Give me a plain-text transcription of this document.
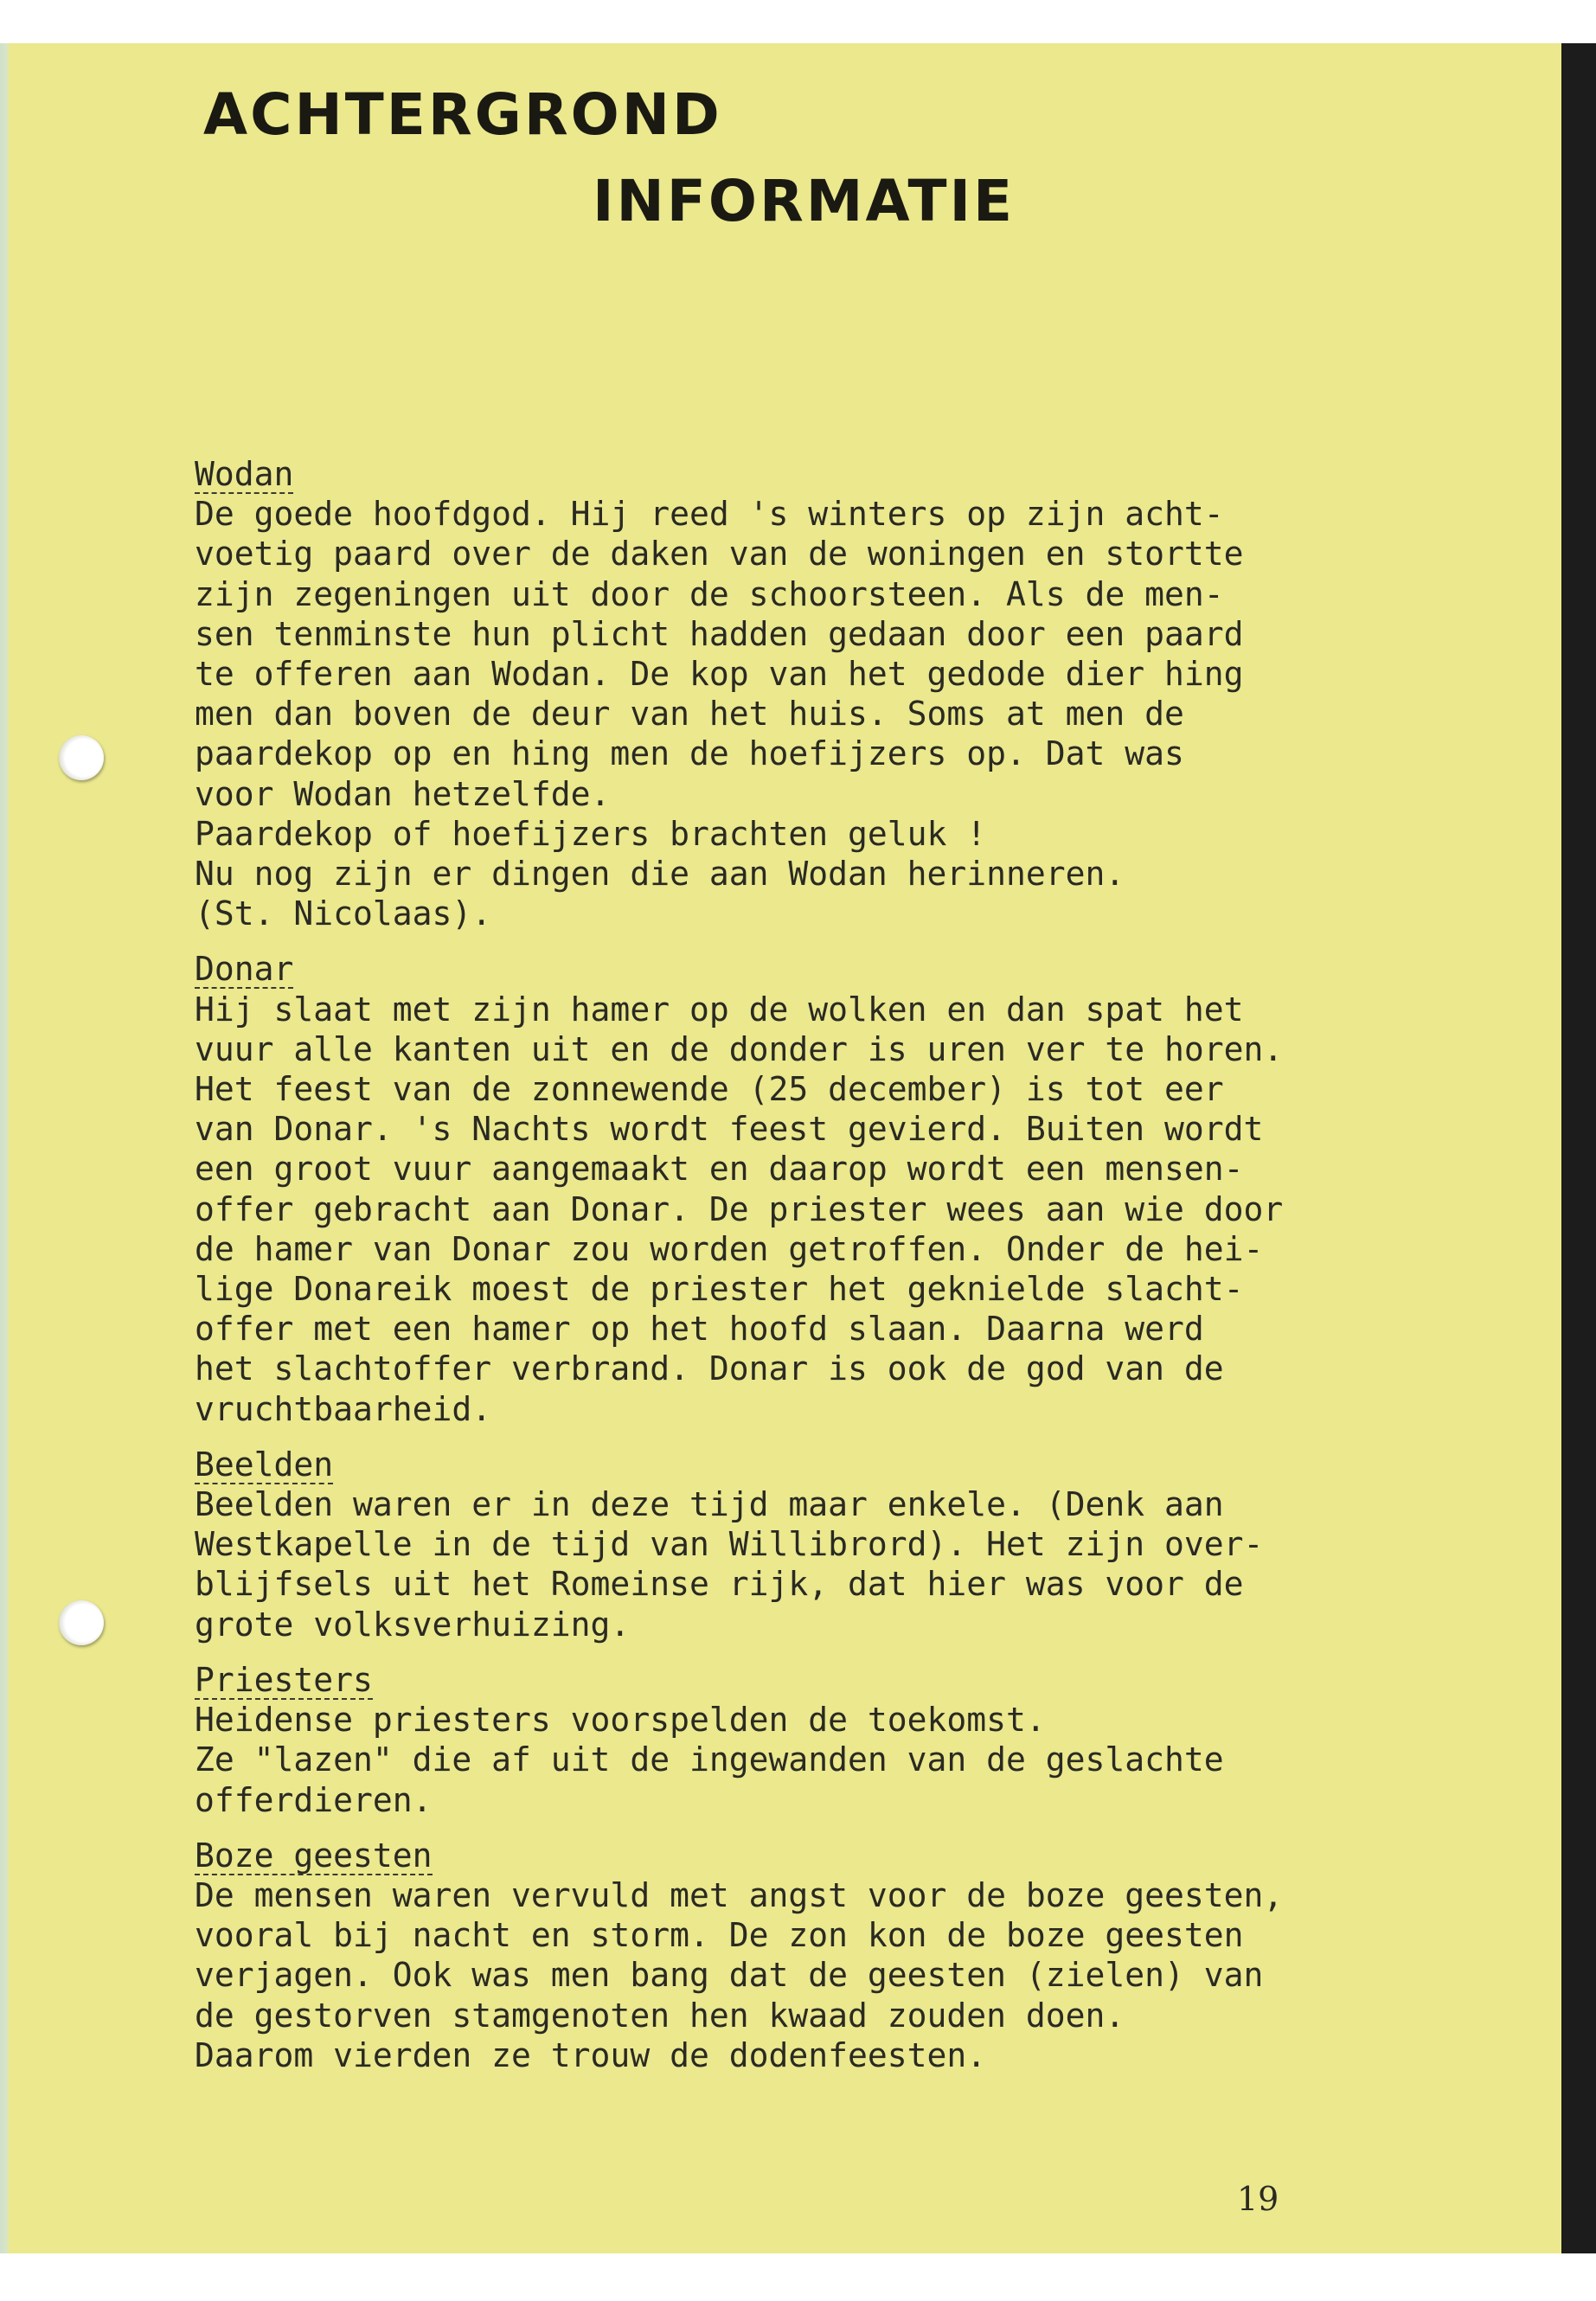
ACHTERGROND
INFORMATIE
Wodan

De goede hoofdgod. Hij reed 's winters op zijn acht-
voetig paard over de daken van de woningen en stortte
zijn zegeningen uit door de schoorsteen. Als de men-
sen tenminste hun plicht hadden gedaan door een paard
te offeren aan Wodan. De kop van het gedode dier hing
men dan boven de deur van het huis. Soms at men de
paardekop op en hing men de hoefijzers op. Dat was
voor Wodan hetzelfde.
Paardekop of hoefijzers brachten geluk !
Nu nog zijn er dingen die aan Wodan herinneren.
(St. Nicolaas).

Donar

Hij slaat met zijn hamer op de wolken en dan spat het
vuur alle kanten uit en de donder is uren ver te horen.
Het feest van de zonnewende (25 december) is tot eer
van Donar. 's Nachts wordt feest gevierd. Buiten wordt
een groot vuur aangemaakt en daarop wordt een mensen-
offer gebracht aan Donar. De priester wees aan wie door
de hamer van Donar zou worden getroffen. Onder de hei-
lige Donareik moest de priester het geknielde slacht-
offer met een hamer op het hoofd slaan. Daarna werd
het slachtoffer verbrand. Donar is ook de god van de
vruchtbaarheid.

Beelden

Beelden waren er in deze tijd maar enkele. (Denk aan
Westkapelle in de tijd van Willibrord). Het zijn over-
blijfsels uit het Romeinse rijk, dat hier was voor de
grote volksverhuizing.

Priesters

Heidense priesters voorspelden de toekomst.
Ze "lazen" die af uit de ingewanden van de geslachte
offerdieren.

Boze geesten

De mensen waren vervuld met angst voor de boze geesten,
vooral bij nacht en storm. De zon kon de boze geesten
verjagen. Ook was men bang dat de geesten (zielen) van
de gestorven stamgenoten hen kwaad zouden doen.
Daarom vierden ze trouw de dodenfeesten.

19
